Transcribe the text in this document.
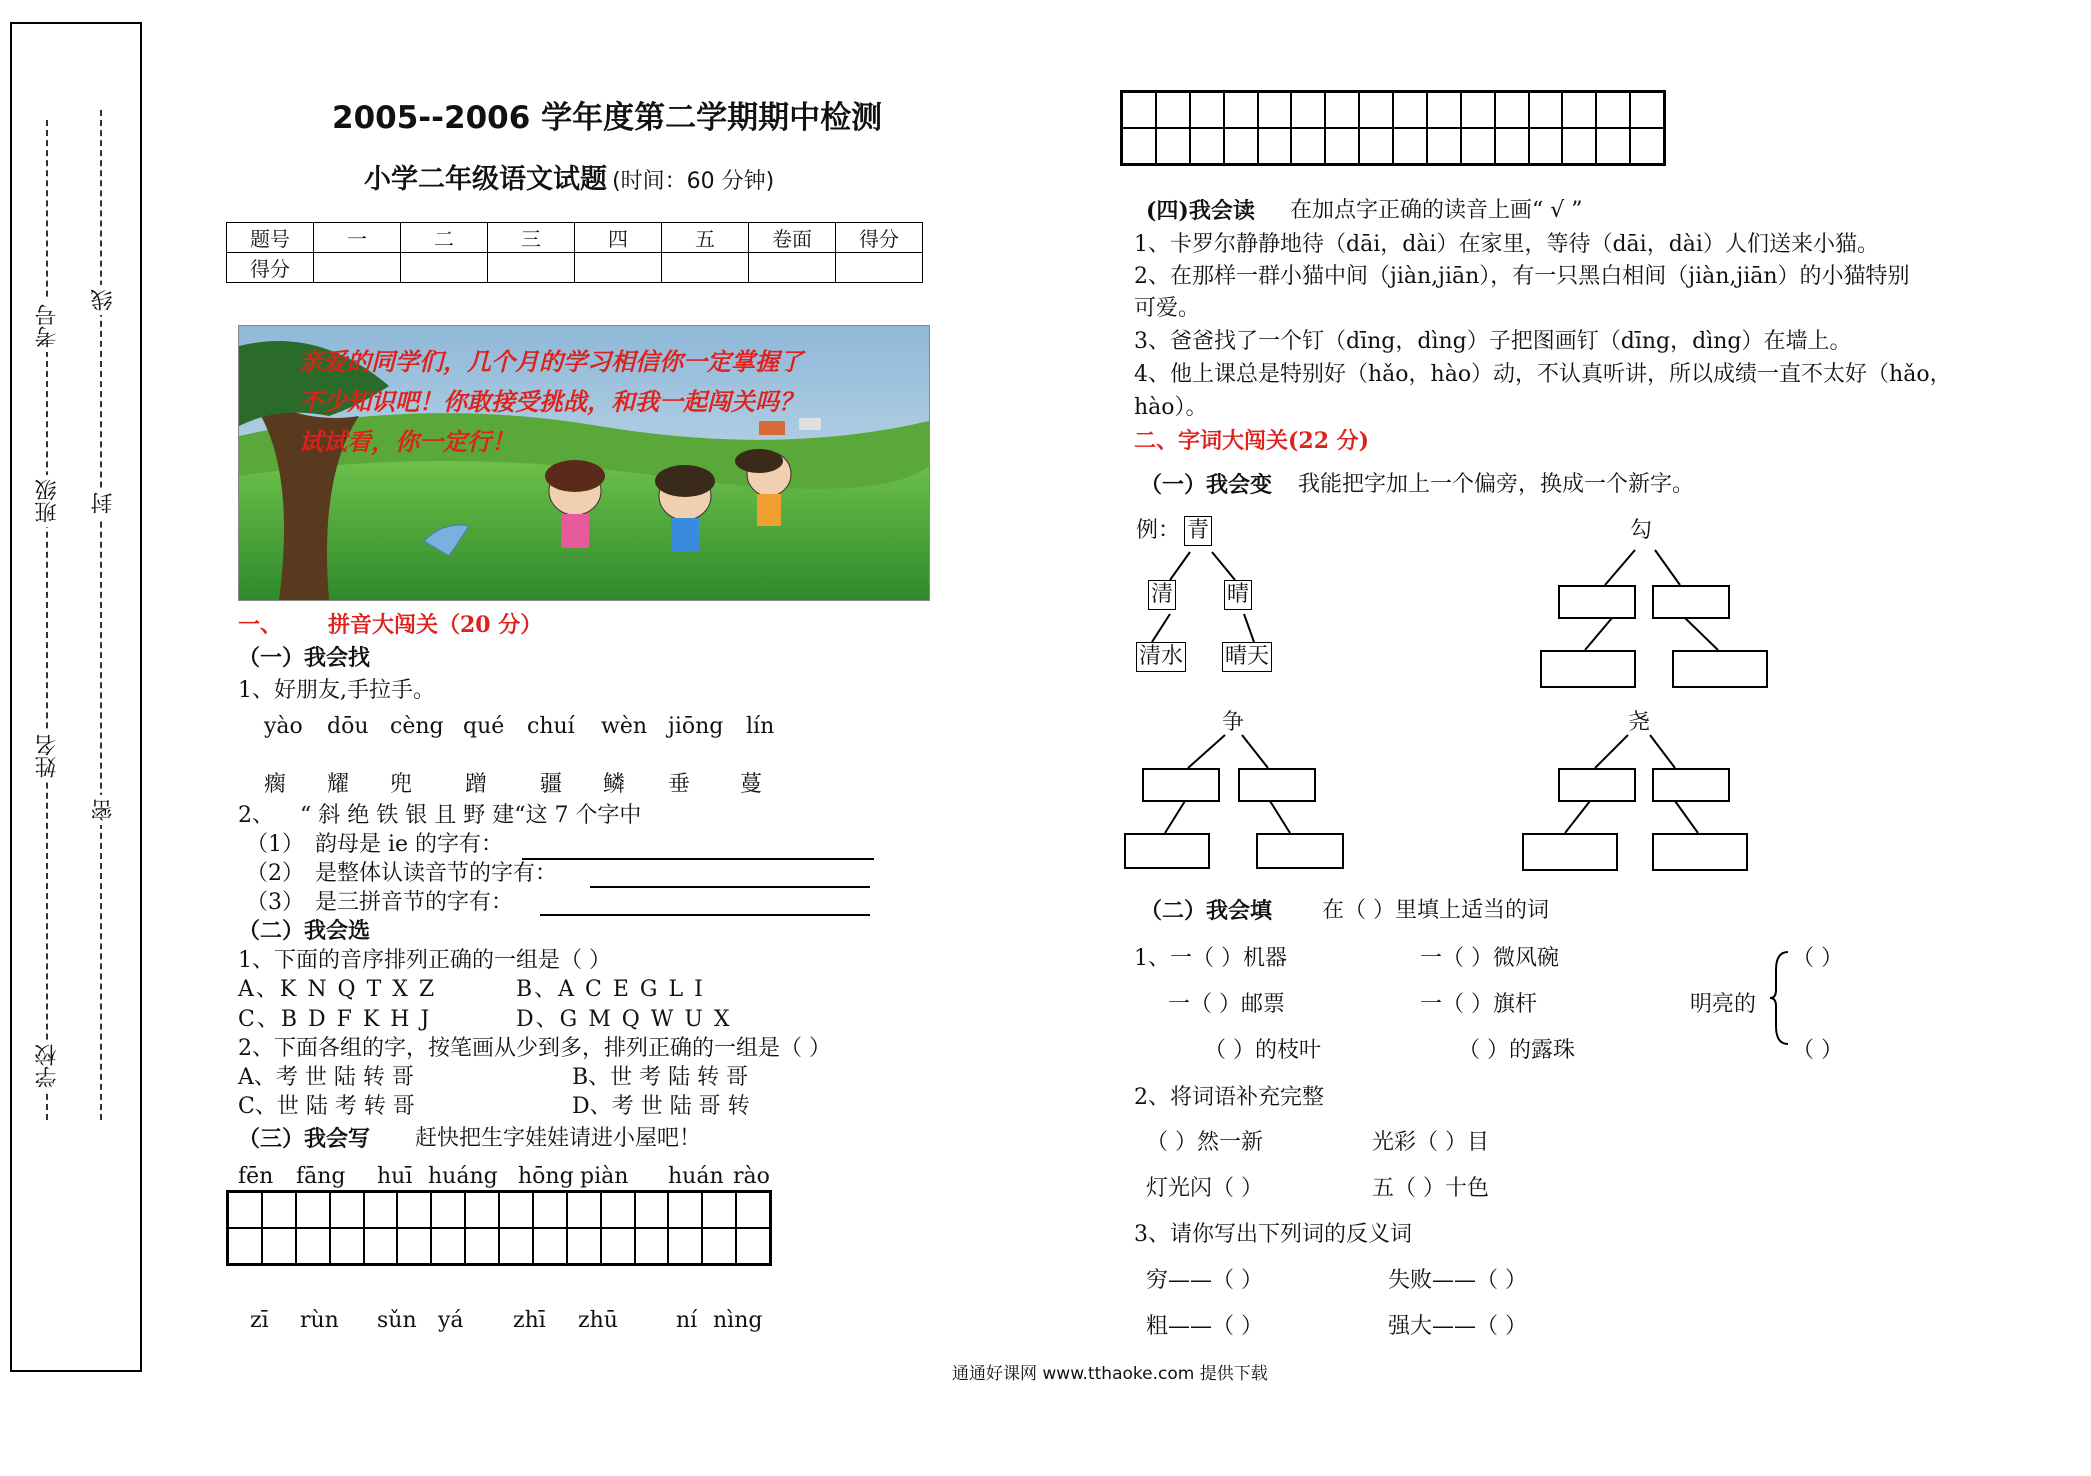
考号
班级
姓名
学校
线
封
密
2005--2006 学年度第二学期期中检测
小学二年级语文试题 (时间：60 分钟)
题号	一	二	三	四	五	卷面	得分
得分							
亲爱的同学们，几个月的学习相信你一定掌握了
不少知识吧！你敢接受挑战，和我一起闯关吗？
试试看，你一定行！
一、 拼音大闯关（20 分）
（一）我会找
1、好朋友,手拉手。
yào dōu cèng qué chuí wèn jiōng lín
瘸 耀 兜 蹭 疆 鳞 垂 蔓
2、 “ 斜 绝 铁 银 且 野 建“这 7 个字中
（1） 韵母是 ie 的字有：
（2） 是整体认读音节的字有：
（3） 是三拼音节的字有：
（二）我会选
1、下面的音序排列正确的一组是（ ）
A、K N Q T X Z	B、A C E G L I
C、B D F K H J	D、G M Q W U X
2、下面各组的字，按笔画从少到多，排列正确的一组是（ ）
A、考 世 陆 转 哥	B、世 考 陆 转 哥
C、世 陆 考 转 哥	D、考 世 陆 哥 转
（三）我会写 赶快把生字娃娃请进小屋吧！
fēn fāng huī huáng hōng piàn huán rào
zī rùn sǔn yá zhī zhū	ní nìng
(四)我会读 在加点字正确的读音上画“ √ ”
1、卡罗尔静静地待（dāi，dài）在家里，等待（dāi，dài）人们送来小猫。
2、在那样一群小猫中间（jiàn,jiān），有一只黑白相间（jiàn,jiān）的小猫特别
可爱。
3、爸爸找了一个钉（dīng，dìng）子把图画钉（dīng，dìng）在墙上。
4、他上课总是特别好（hǎo，hào）动，不认真听讲，所以成绩一直不太好（hǎo，
hào）。
二、字词大闯关(22 分)
（一）我会变 我能把字加上一个偏旁，换成一个新字。
例： 青
清 晴
清水 晴天
勾
争	尧
（二）我会填 在（ ）里填上适当的词
1、一（ ）机器	一（ ）微风碗
一（ ）邮票	一（ ）旗杆
（ ）的枝叶	（ ）的露珠
明亮的
（ ）
（ ）
2、将词语补充完整
（ ）然一新	光彩（ ）目
灯光闪（ ）	五（ ）十色
3、请你写出下列词的反义词
穷——（ ）	失败——（ ）
粗——（ ）	强大——（ ）
通通好课网 www.tthaoke.com 提供下载
